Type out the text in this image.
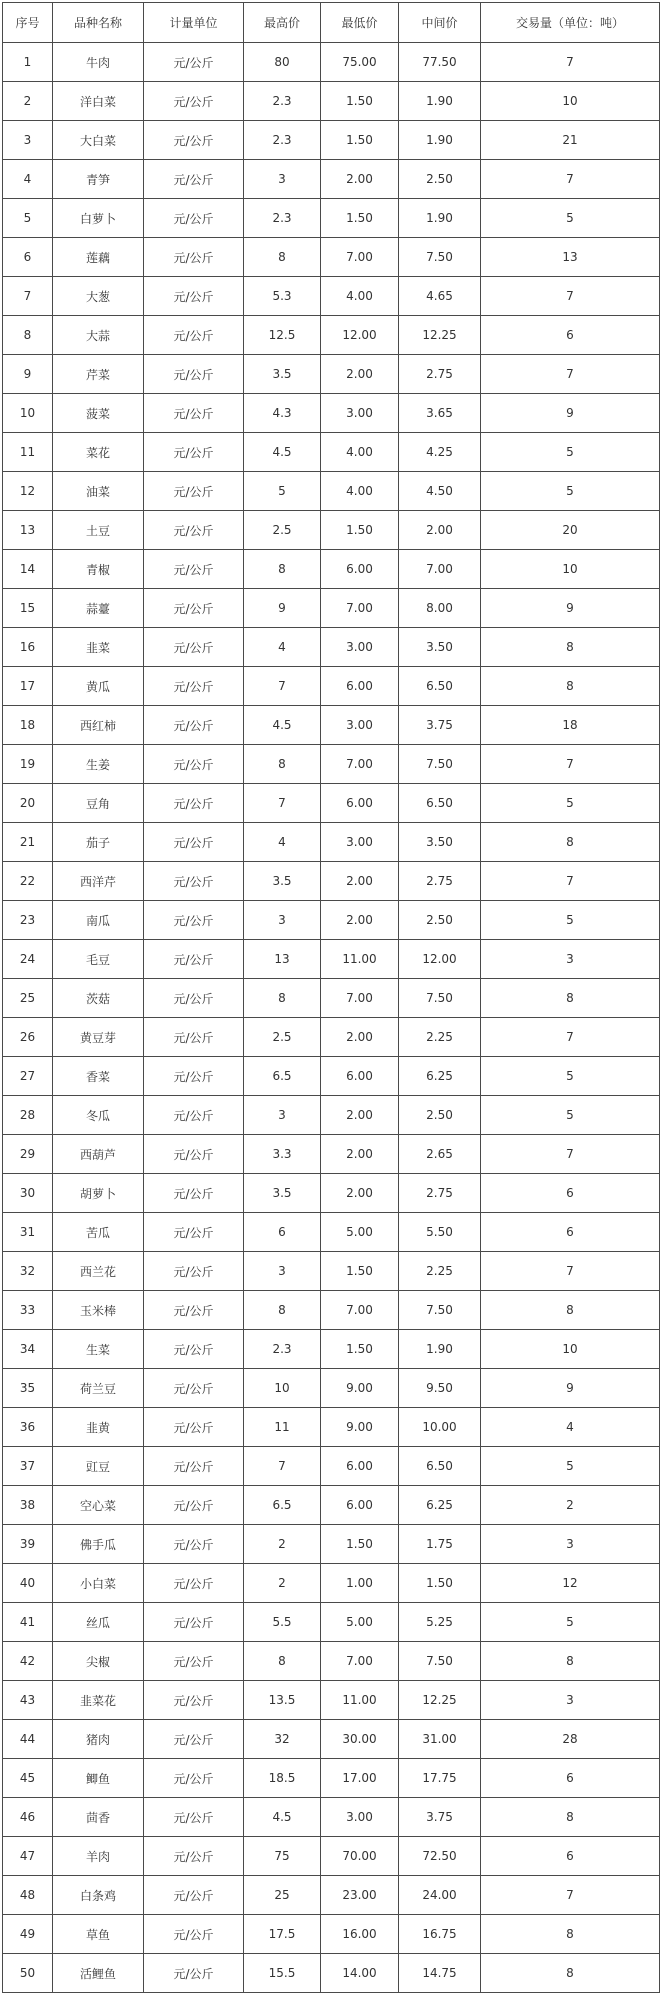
序号	品种名称	计量单位	最高价	最低价	中间价	交易量（单位：吨）
1	牛肉	元/公斤	80	75.00	77.50	7
2	洋白菜	元/公斤	2.3	1.50	1.90	10
3	大白菜	元/公斤	2.3	1.50	1.90	21
4	青笋	元/公斤	3	2.00	2.50	7
5	白萝卜	元/公斤	2.3	1.50	1.90	5
6	莲藕	元/公斤	8	7.00	7.50	13
7	大葱	元/公斤	5.3	4.00	4.65	7
8	大蒜	元/公斤	12.5	12.00	12.25	6
9	芹菜	元/公斤	3.5	2.00	2.75	7
10	菠菜	元/公斤	4.3	3.00	3.65	9
11	菜花	元/公斤	4.5	4.00	4.25	5
12	油菜	元/公斤	5	4.00	4.50	5
13	土豆	元/公斤	2.5	1.50	2.00	20
14	青椒	元/公斤	8	6.00	7.00	10
15	蒜薹	元/公斤	9	7.00	8.00	9
16	韭菜	元/公斤	4	3.00	3.50	8
17	黄瓜	元/公斤	7	6.00	6.50	8
18	西红柿	元/公斤	4.5	3.00	3.75	18
19	生姜	元/公斤	8	7.00	7.50	7
20	豆角	元/公斤	7	6.00	6.50	5
21	茄子	元/公斤	4	3.00	3.50	8
22	西洋芹	元/公斤	3.5	2.00	2.75	7
23	南瓜	元/公斤	3	2.00	2.50	5
24	毛豆	元/公斤	13	11.00	12.00	3
25	茨菇	元/公斤	8	7.00	7.50	8
26	黄豆芽	元/公斤	2.5	2.00	2.25	7
27	香菜	元/公斤	6.5	6.00	6.25	5
28	冬瓜	元/公斤	3	2.00	2.50	5
29	西葫芦	元/公斤	3.3	2.00	2.65	7
30	胡萝卜	元/公斤	3.5	2.00	2.75	6
31	苦瓜	元/公斤	6	5.00	5.50	6
32	西兰花	元/公斤	3	1.50	2.25	7
33	玉米棒	元/公斤	8	7.00	7.50	8
34	生菜	元/公斤	2.3	1.50	1.90	10
35	荷兰豆	元/公斤	10	9.00	9.50	9
36	韭黄	元/公斤	11	9.00	10.00	4
37	豇豆	元/公斤	7	6.00	6.50	5
38	空心菜	元/公斤	6.5	6.00	6.25	2
39	佛手瓜	元/公斤	2	1.50	1.75	3
40	小白菜	元/公斤	2	1.00	1.50	12
41	丝瓜	元/公斤	5.5	5.00	5.25	5
42	尖椒	元/公斤	8	7.00	7.50	8
43	韭菜花	元/公斤	13.5	11.00	12.25	3
44	猪肉	元/公斤	32	30.00	31.00	28
45	鲫鱼	元/公斤	18.5	17.00	17.75	6
46	茴香	元/公斤	4.5	3.00	3.75	8
47	羊肉	元/公斤	75	70.00	72.50	6
48	白条鸡	元/公斤	25	23.00	24.00	7
49	草鱼	元/公斤	17.5	16.00	16.75	8
50	活鲤鱼	元/公斤	15.5	14.00	14.75	8
